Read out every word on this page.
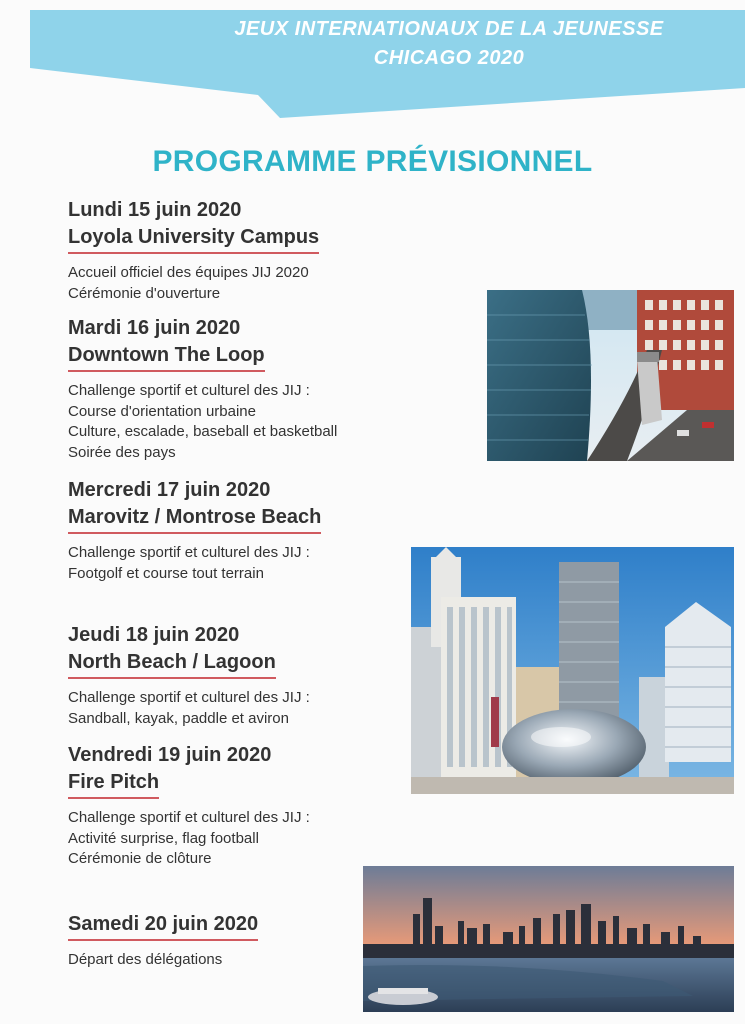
JEUX INTERNATIONAUX DE LA JEUNESSE
CHICAGO 2020
PROGRAMME PRÉVISIONNEL
Lundi 15 juin 2020
Loyola University Campus
Accueil officiel des équipes JIJ 2020
Cérémonie d'ouverture
Mardi 16 juin 2020
Downtown The Loop
Challenge sportif et culturel des JIJ :
Course d'orientation urbaine
Culture, escalade, baseball et basketball
Soirée des pays
Mercredi 17 juin 2020
Marovitz / Montrose Beach
Challenge sportif et culturel des JIJ :
Footgolf et course tout terrain
Jeudi 18 juin 2020
North Beach / Lagoon
Challenge sportif et culturel des JIJ :
Sandball, kayak, paddle et aviron
Vendredi 19 juin 2020
Fire Pitch
Challenge sportif et culturel des JIJ :
Activité surprise, flag football
Cérémonie de clôture
Samedi 20 juin 2020
Départ des délégations
